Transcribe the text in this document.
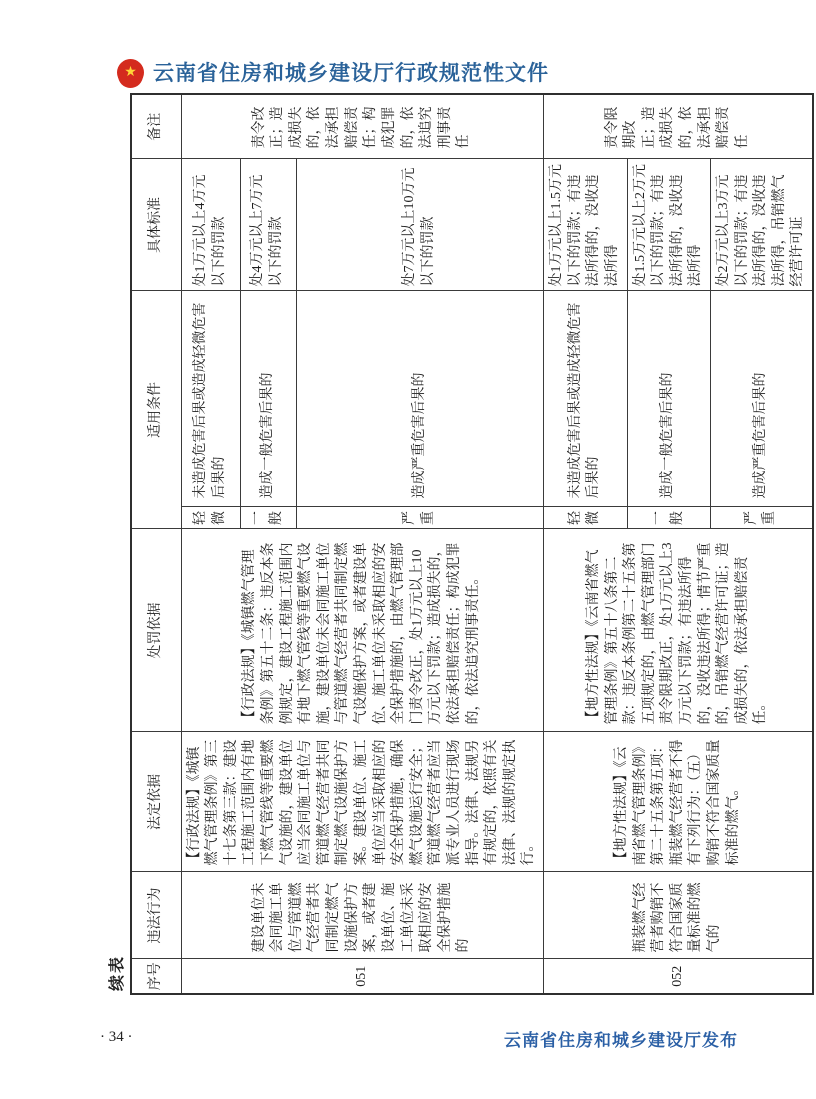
★ 云南省住房和城乡建设厅行政规范性文件
续表 序号	违法行为	法定依据	处罚依据	适用条件		具体标准	备注
051	建设单位未会同施工单位与管道燃气经营者共同制定燃气设施保护方案，或者建设单位、施工单位未采取相应的安全保护措施的	【行政法规】《城镇燃气管理条例》第三十七条第三款：建设工程施工范围内有地下燃气管线等重要燃气设施的，建设单位应当会同施工单位与管道燃气经营者共同制定燃气设施保护方案。建设单位、施工单位应当采取相应的安全保护措施，确保燃气设施运行安全；管道燃气经营者应当派专业人员进行现场指导。法律、法规另有规定的，依照有关法律、法规的规定执行。	【行政法规】《城镇燃气管理条例》第五十二条：违反本条例规定，建设工程施工范围内有地下燃气管线等重要燃气设施，建设单位未会同施工单位与管道燃气经营者共同制定燃气设施保护方案，或者建设单位、施工单位未采取相应的安全保护措施的，由燃气管理部门责令改正，处1万元以上10万元以下罚款；造成损失的，依法承担赔偿责任；构成犯罪的，依法追究刑事责任。	轻微	未造成危害后果或造成轻微危害后果的	处1万元以上4万元以下的罚款	责令改正；造成损失的，依法承担赔偿责任；构成犯罪的，依法追究刑事责任
				一般	造成一般危害后果的	处4万元以上7万元以下的罚款	
				严重	造成严重危害后果的	处7万元以上10万元以下的罚款	
052	瓶装燃气经营者购销不符合国家质量标准的燃气的	【地方性法规】《云南省燃气管理条例》第二十五条第五项：瓶装燃气经营者不得有下列行为：（五）购销不符合国家质量标准的燃气。	【地方性法规】《云南省燃气管理条例》第五十八条第二款：违反本条例第二十五条第五项规定的，由燃气管理部门责令限期改正，处1万元以上3万元以下罚款；有违法所得的，没收违法所得；情节严重的，吊销燃气经营许可证；造成损失的，依法承担赔偿责任。	轻微	未造成危害后果或造成轻微危害后果的	处1万元以上1.5万元以下的罚款；有违法所得的，没收违法所得	责令限期改正；造成损失的，依法承担赔偿责任
				一般	造成一般危害后果的	处1.5万元以上2万元以下的罚款；有违法所得的，没收违法所得	
				严重	造成严重危害后果的	处2万元以上3万元以下的罚款；有违法所得的，没收违法所得，吊销燃气经营许可证	
· 34 ·	云南省住房和城乡建设厅发布
